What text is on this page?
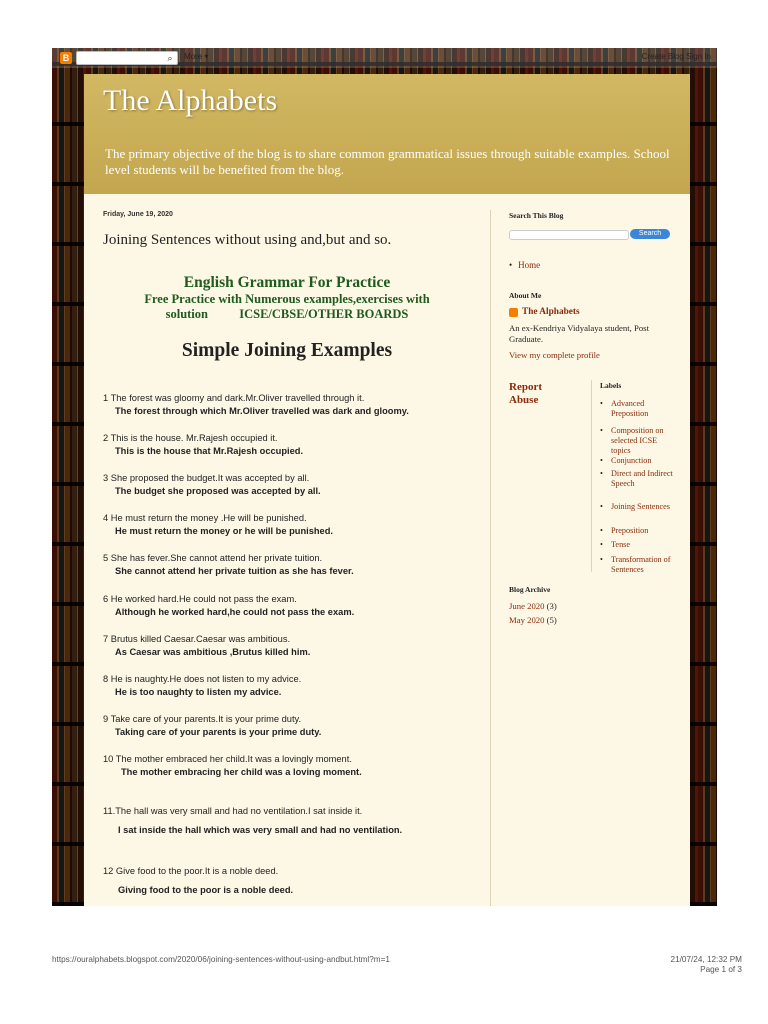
B	⌕	More ▾	Create Blog Sign In
The Alphabets
The primary objective of the blog is to share common grammatical issues through suitable examples. School level students will be benefited from the blog.
Friday, June 19, 2020
Joining Sentences without using and,but and so.
English Grammar For Practice
Free Practice with Numerous examples,exercises with solution          ICSE/CBSE/OTHER BOARDS
Simple Joining Examples
1 The forest was gloomy and dark.Mr.Oliver travelled through it.
The forest through which Mr.Oliver travelled was dark and gloomy.
2 This is the house. Mr.Rajesh occupied it.
This is the house that Mr.Rajesh occupied.
3 She proposed the budget.It was accepted by all.
The budget she proposed was accepted by all.
4 He must return the money .He will be punished.
He must return the money or he will be punished.
5 She has fever.She cannot attend her private tuition.
She cannot attend her private tuition as she has fever.
6 He worked hard.He could not pass the exam.
Although he worked hard,he could not pass the exam.
7 Brutus killed Caesar.Caesar was ambitious.
As Caesar was ambitious ,Brutus killed him.
8 He is naughty.He does not listen to my advice.
He is too naughty to listen my advice.
9 Take care of your parents.It is your prime duty.
Taking care of your parents is your prime duty.
10 The mother embraced her child.It was a lovingly moment.
The mother embracing her child was a loving moment.
11.The hall was very small and had no ventilation.I sat inside it.
I sat inside the hall which was very small and had no ventilation.
12 Give food to the poor.It is a noble deed.
Giving food to the poor is a noble deed.
Search This Blog
Search
• Home
About Me
The Alphabets
An ex-Kendriya Vidyalaya student, Post Graduate.
View my complete profile
Report Abuse
Labels
• Advanced Preposition
• Composition on selected ICSE topics
• Conjunction
• Direct and Indirect Speech
• Joining Sentences
• Preposition
• Tense
• Transformation of Sentences
Blog Archive
June 2020 (3)
May 2020 (5)
https://ouralphabets.blogspot.com/2020/06/joining-sentences-without-using-andbut.html?m=1	21/07/24, 12:32 PM
Page 1 of 3
